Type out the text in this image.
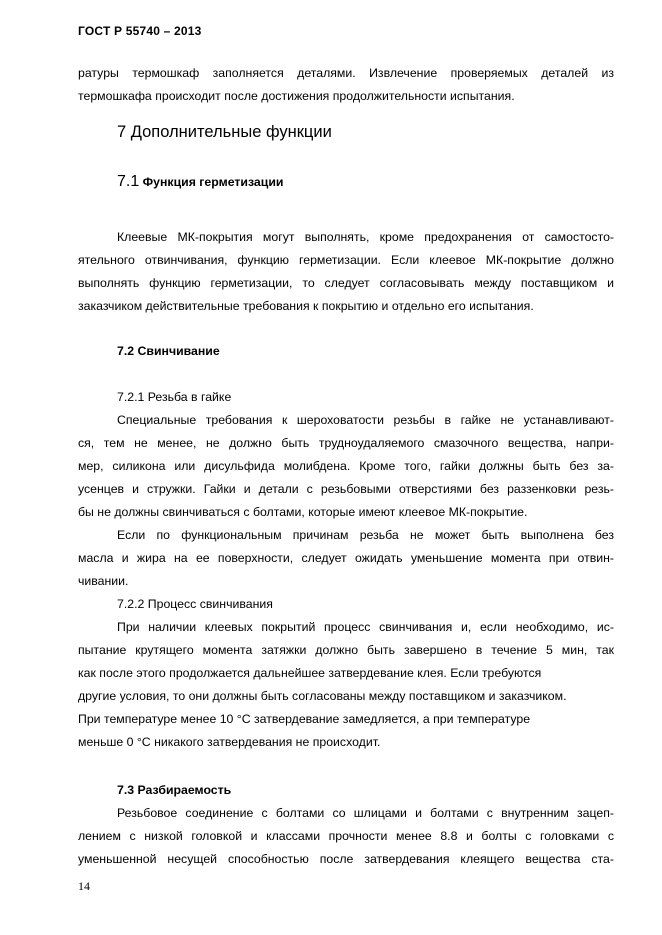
ГОСТ Р 55740 – 2013
ратуры термошкаф заполняется деталями. Извлечение проверяемых деталей из
термошкафа происходит после достижения продолжительности испытания.
7 Дополнительные функции
7.1 Функция герметизации
Клеевые МК-покрытия могут выполнять, кроме предохранения от самостосто-
ятельного отвинчивания, функцию герметизации. Если клеевое МК-покрытие должно
выполнять функцию герметизации, то следует согласовывать между поставщиком и
заказчиком действительные требования к покрытию и отдельно его испытания.
7.2 Свинчивание
7.2.1 Резьба в гайке
Специальные требования к шероховатости резьбы в гайке не устанавливают-
ся, тем не менее, не должно быть трудноудаляемого смазочного вещества, напри-
мер, силикона или дисульфида молибдена. Кроме того, гайки должны быть без за-
усенцев и стружки. Гайки и детали с резьбовыми отверстиями без раззенковки резь-
бы не должны свинчиваться с болтами, которые имеют клеевое МК-покрытие.
Если по функциональным причинам резьба не может быть выполнена без
масла и жира на ее поверхности, следует ожидать уменьшение момента при отвин-
чивании.
7.2.2 Процесс свинчивания
При наличии клеевых покрытий процесс свинчивания и, если необходимо, ис-
пытание крутящего момента затяжки должно быть завершено в течение 5 мин, так
как после этого продолжается дальнейшее затвердевание клея. Если требуются
другие условия, то они должны быть согласованы между поставщиком и заказчиком.
При температуре менее 10 °C затвердевание замедляется, а при температуре
меньше 0 °C никакого затвердевания не происходит.
7.3 Разбираемость
Резьбовое соединение с болтами со шлицами и болтами с внутренним зацеп-
лением с низкой головкой и классами прочности менее 8.8 и болты с головками с
уменьшенной несущей способностью после затвердевания клеящего вещества ста-
14
